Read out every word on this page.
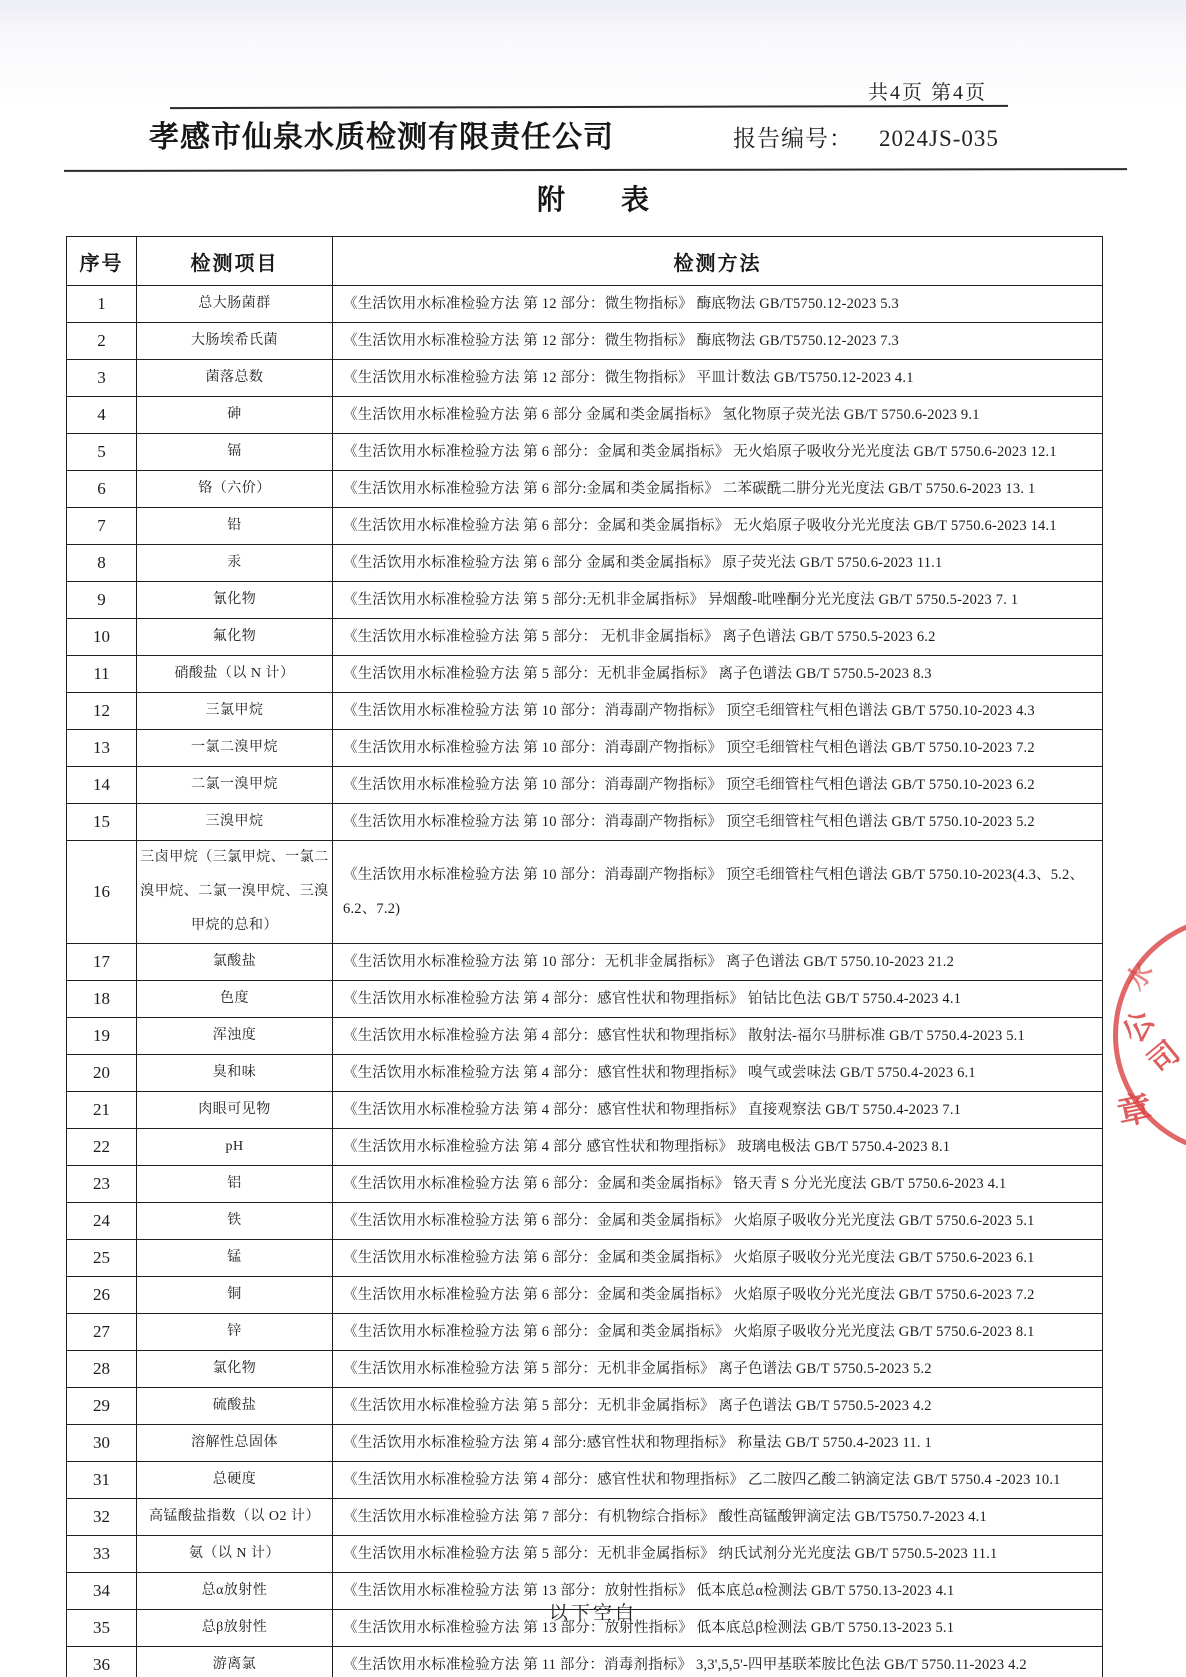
共4页 第4页
孝感市仙泉水质检测有限责任公司	报告编号： 2024JS-035
附        表
序号	检测项目	检测方法
1	总大肠菌群	《生活饮用水标准检验方法 第 12 部分：微生物指标》 酶底物法 GB/T5750.12-2023 5.3
2	大肠埃希氏菌	《生活饮用水标准检验方法 第 12 部分：微生物指标》 酶底物法 GB/T5750.12-2023 7.3
3	菌落总数	《生活饮用水标准检验方法 第 12 部分：微生物指标》 平皿计数法 GB/T5750.12-2023 4.1
4	砷	《生活饮用水标准检验方法 第 6 部分 金属和类金属指标》 氢化物原子荧光法 GB/T 5750.6-2023 9.1
5	镉	《生活饮用水标准检验方法 第 6 部分：金属和类金属指标》 无火焰原子吸收分光光度法 GB/T 5750.6-2023 12.1
6	铬（六价）	《生活饮用水标准检验方法 第 6 部分:金属和类金属指标》 二苯碳酰二肼分光光度法 GB/T 5750.6-2023 13. 1
7	铅	《生活饮用水标准检验方法 第 6 部分：金属和类金属指标》 无火焰原子吸收分光光度法 GB/T 5750.6-2023 14.1
8	汞	《生活饮用水标准检验方法 第 6 部分 金属和类金属指标》 原子荧光法 GB/T 5750.6-2023 11.1
9	氰化物	《生活饮用水标准检验方法 第 5 部分:无机非金属指标》 异烟酸-吡唑酮分光光度法 GB/T 5750.5-2023 7. 1
10	氟化物	《生活饮用水标准检验方法 第 5 部分： 无机非金属指标》 离子色谱法 GB/T 5750.5-2023 6.2
11	硝酸盐（以 N 计）	《生活饮用水标准检验方法 第 5 部分：无机非金属指标》 离子色谱法 GB/T 5750.5-2023 8.3
12	三氯甲烷	《生活饮用水标准检验方法 第 10 部分：消毒副产物指标》 顶空毛细管柱气相色谱法 GB/T 5750.10-2023 4.3
13	一氯二溴甲烷	《生活饮用水标准检验方法 第 10 部分：消毒副产物指标》 顶空毛细管柱气相色谱法 GB/T 5750.10-2023 7.2
14	二氯一溴甲烷	《生活饮用水标准检验方法 第 10 部分：消毒副产物指标》 顶空毛细管柱气相色谱法 GB/T 5750.10-2023 6.2
15	三溴甲烷	《生活饮用水标准检验方法 第 10 部分：消毒副产物指标》 顶空毛细管柱气相色谱法 GB/T 5750.10-2023 5.2
16	三卤甲烷（三氯甲烷、一氯二溴甲烷、二氯一溴甲烷、三溴甲烷的总和）	《生活饮用水标准检验方法 第 10 部分：消毒副产物指标》 顶空毛细管柱气相色谱法 GB/T 5750.10-2023(4.3、5.2、6.2、7.2)
17	氯酸盐	《生活饮用水标准检验方法 第 10 部分：无机非金属指标》 离子色谱法 GB/T 5750.10-2023 21.2
18	色度	《生活饮用水标准检验方法 第 4 部分：感官性状和物理指标》 铂钴比色法 GB/T 5750.4-2023 4.1
19	浑浊度	《生活饮用水标准检验方法 第 4 部分：感官性状和物理指标》 散射法-福尔马肼标准 GB/T 5750.4-2023 5.1
20	臭和味	《生活饮用水标准检验方法 第 4 部分：感官性状和物理指标》 嗅气或尝味法 GB/T 5750.4-2023 6.1
21	肉眼可见物	《生活饮用水标准检验方法 第 4 部分：感官性状和物理指标》 直接观察法 GB/T 5750.4-2023 7.1
22	pH	《生活饮用水标准检验方法 第 4 部分 感官性状和物理指标》 玻璃电极法 GB/T 5750.4-2023 8.1
23	铝	《生活饮用水标准检验方法 第 6 部分：金属和类金属指标》 铬天青 S 分光光度法 GB/T 5750.6-2023 4.1
24	铁	《生活饮用水标准检验方法 第 6 部分：金属和类金属指标》 火焰原子吸收分光光度法 GB/T 5750.6-2023 5.1
25	锰	《生活饮用水标准检验方法 第 6 部分：金属和类金属指标》 火焰原子吸收分光光度法 GB/T 5750.6-2023 6.1
26	铜	《生活饮用水标准检验方法 第 6 部分：金属和类金属指标》 火焰原子吸收分光光度法 GB/T 5750.6-2023 7.2
27	锌	《生活饮用水标准检验方法 第 6 部分：金属和类金属指标》 火焰原子吸收分光光度法 GB/T 5750.6-2023 8.1
28	氯化物	《生活饮用水标准检验方法 第 5 部分：无机非金属指标》 离子色谱法 GB/T 5750.5-2023 5.2
29	硫酸盐	《生活饮用水标准检验方法 第 5 部分：无机非金属指标》 离子色谱法 GB/T 5750.5-2023 4.2
30	溶解性总固体	《生活饮用水标准检验方法 第 4 部分:感官性状和物理指标》 称量法 GB/T 5750.4-2023 11. 1
31	总硬度	《生活饮用水标准检验方法 第 4 部分：感官性状和物理指标》 乙二胺四乙酸二钠滴定法 GB/T 5750.4 -2023 10.1
32	高锰酸盐指数（以 O2 计）	《生活饮用水标准检验方法 第 7 部分：有机物综合指标》 酸性高锰酸钾滴定法 GB/T5750.7-2023 4.1
33	氨（以 N 计）	《生活饮用水标准检验方法 第 5 部分：无机非金属指标》 纳氏试剂分光光度法 GB/T 5750.5-2023 11.1
34	总α放射性	《生活饮用水标准检验方法 第 13 部分：放射性指标》 低本底总α检测法 GB/T 5750.13-2023 4.1
35	总β放射性	《生活饮用水标准检验方法 第 13 部分：放射性指标》 低本底总β检测法 GB/T 5750.13-2023 5.1
36	游离氯	《生活饮用水标准检验方法 第 11 部分：消毒剂指标》 3,3',5,5'-四甲基联苯胺比色法 GB/T 5750.11-2023 4.2
以下空白
水
公
司
章
